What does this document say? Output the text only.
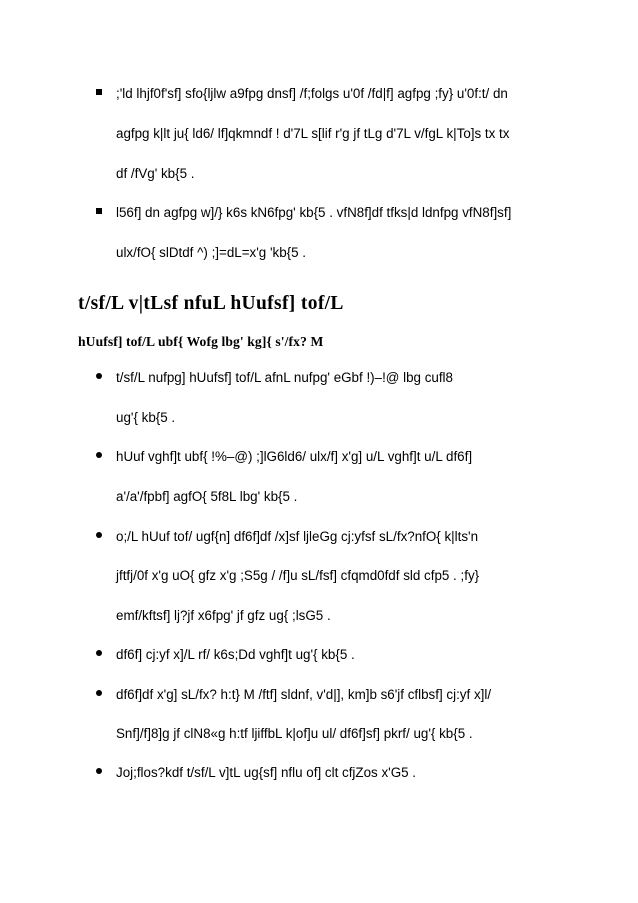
;'ld lhjf0f'sf] sfo{ljlw a9fpg dnsf] /f;folgs u'0f /fd|f] agfpg ;fy} u'0f:t/ dn
agfpg k|lt ju{ ld6/ lf]qkmndf ! d'7L s[lif r'g jf tLg d'7L v/fgL k|To]s tx tx
df /fVg' kb{5 .
l56f] dn agfpg w]/} k6s kN6fpg' kb{5 . vfN8f]df tfks|d ldnfpg vfN8f]sf]
ulx/fO{ slDtdf ^) ;]=dL=x'g 'kb{5 .
t/sf/L v|tLsf nfuL hUufsf] tof/L
hUufsf] tof/L ubf{ Wofg lbg' kg]{ s'/fx? M
t/sf/L nufpg] hUufsf] tof/L afnL nufpg' eGbf !)–!@ lbg cufl8
ug'{ kb{5 .
hUuf vghf]t ubf{ !%–@) ;]lG6ld6/ ulx/f] x'g] u/L vghf]t u/L df6f]
a'/a'/fpbf] agfO{ 5f8L lbg' kb{5 .
o;/L hUuf tof/ ugf{n] df6f]df /x]sf ljleGg cj:yfsf sL/fx?nfO{ k|lts'n
jftfj/0f x'g uO{ gfz x'g ;S5g / /f]u sL/fsf] cfqmd0fdf sld cfp5 . ;fy}
emf/kftsf] lj?jf x6fpg' jf gfz ug{ ;lsG5 .
df6f] cj:yf x]/L rf/ k6s;Dd vghf]t ug'{ kb{5 .
df6f]df x'g] sL/fx? h:t} M /ftf] sldnf, v'd|], km]b s6'jf cflbsf] cj:yf x]l/
Snf]/f]8]g jf clN8«g h:tf ljiffbL k|of]u ul/ df6f]sf] pkrf/ ug'{ kb{5 .
Joj;flos?kdf t/sf/L v]tL ug{sf] nflu of] clt cfjZos x'G5 .
